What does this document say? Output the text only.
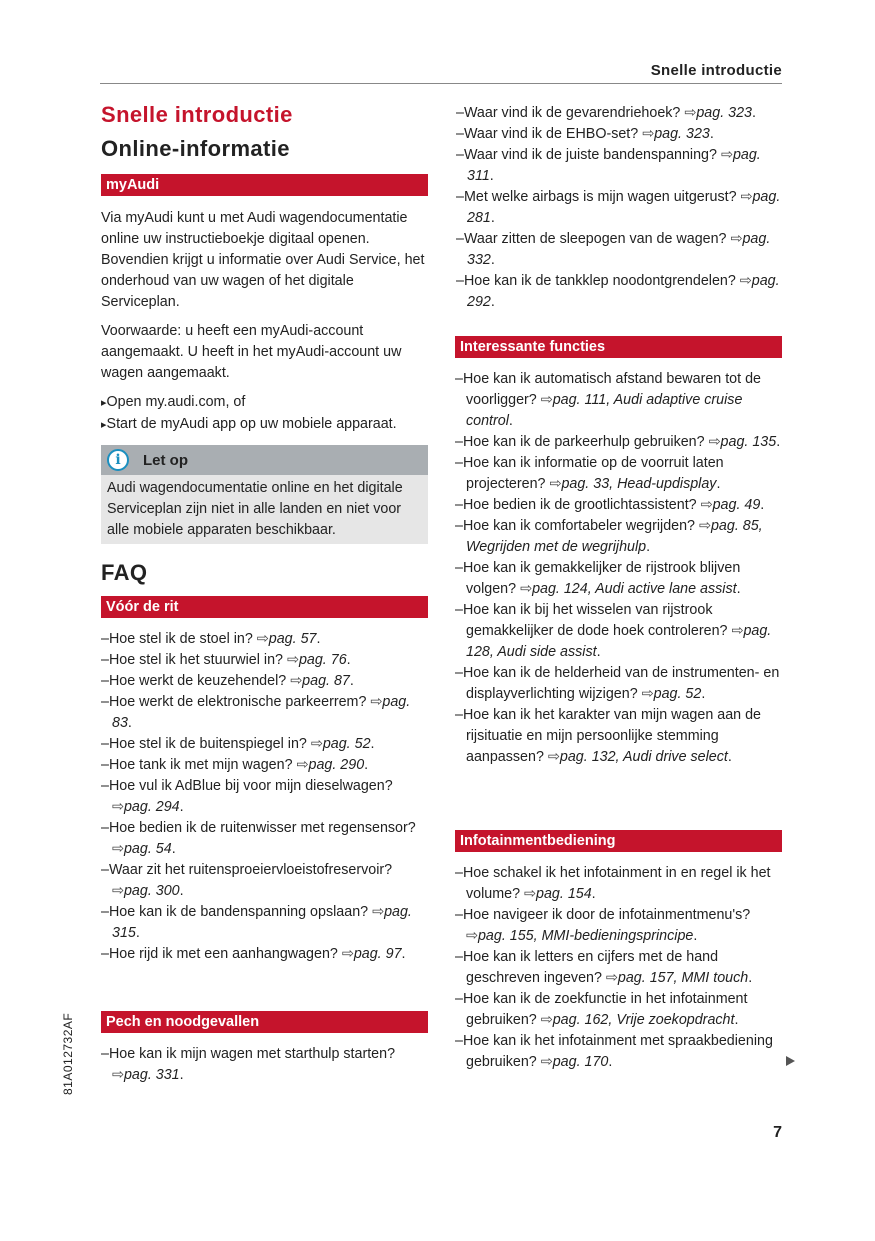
Snelle introductie
Snelle introductie
Online-informatie
myAudi

Via myAudi kunt u met Audi wagendocumentatie online uw instructieboekje digitaal openen. Bovendien krijgt u informatie over Audi Service, het onderhoud van uw wagen of het digitale Serviceplan.

Voorwaarde: u heeft een myAudi-account aangemaakt. U heeft in het myAudi-account uw wagen aangemaakt.

▸ Open my.audi.com, of

▸ Start de myAudi app op uw mobiele apparaat.

i	Let op
Audi wagendocumentatie online en het digitale Serviceplan zijn niet in alle landen en niet voor alle mobiele apparaten beschikbaar.
FAQ
Vóór de rit
– Hoe stel ik de stoel in? ⇨pag. 57 .
– Hoe stel ik het stuurwiel in? ⇨pag. 76 .
– Hoe werkt de keuzehendel? ⇨pag. 87 .
– Hoe werkt de elektronische parkeerrem? ⇨pag. 83 .
– Hoe stel ik de buitenspiegel in? ⇨pag. 52 .
– Hoe tank ik met mijn wagen? ⇨pag. 290 .
– Hoe vul ik AdBlue bij voor mijn dieselwagen? ⇨pag. 294 .
– Hoe bedien ik de ruitenwisser met regensensor? ⇨pag. 54 .
– Waar zit het ruitensproeiervloeistofreservoir? ⇨pag. 300 .
– Hoe kan ik de bandenspanning opslaan? ⇨pag. 315 .
– Hoe rijd ik met een aanhangwagen? ⇨pag. 97 .
Pech en noodgevallen
– Hoe kan ik mijn wagen met starthulp starten? ⇨pag. 331 .
– Waar vind ik de gevarendriehoek? ⇨pag. 323 .
– Waar vind ik de EHBO-set? ⇨pag. 323 .
– Waar vind ik de juiste bandenspanning? ⇨pag. 311 .
– Met welke airbags is mijn wagen uitgerust? ⇨pag. 281 .
– Waar zitten de sleepogen van de wagen? ⇨pag. 332 .
– Hoe kan ik de tankklep noodontgrendelen? ⇨pag. 292 .
Interessante functies
– Hoe kan ik automatisch afstand bewaren tot de voorligger? ⇨pag. 111, Audi adaptive cruise control .
– Hoe kan ik de parkeerhulp gebruiken? ⇨pag. 135 .
– Hoe kan ik informatie op de voorruit laten projecteren? ⇨pag. 33, Head-updisplay .
– Hoe bedien ik de grootlichtassistent? ⇨pag. 49 .
– Hoe kan ik comfortabeler wegrijden? ⇨pag. 85, Wegrijden met de wegrijhulp .
– Hoe kan ik gemakkelijker de rijstrook blijven volgen? ⇨pag. 124, Audi active lane assist .
– Hoe kan ik bij het wisselen van rijstrook gemakkelijker de dode hoek controleren? ⇨pag. 128, Audi side assist .
– Hoe kan ik de helderheid van de instrumenten- en displayverlichting wijzigen? ⇨pag. 52 .
– Hoe kan ik het karakter van mijn wagen aan de rijsituatie en mijn persoonlijke stemming aanpassen? ⇨pag. 132, Audi drive select .
Infotainmentbediening
– Hoe schakel ik het infotainment in en regel ik het volume? ⇨pag. 154 .
– Hoe navigeer ik door de infotainmentmenu's? ⇨pag. 155, MMI-bedieningsprincipe .
– Hoe kan ik letters en cijfers met de hand geschreven ingeven? ⇨pag. 157, MMI touch .
– Hoe kan ik de zoekfunctie in het infotainment gebruiken? ⇨pag. 162, Vrije zoekopdracht .
– Hoe kan ik het infotainment met spraakbediening gebruiken? ⇨pag. 170 .
81A012732AF
7
